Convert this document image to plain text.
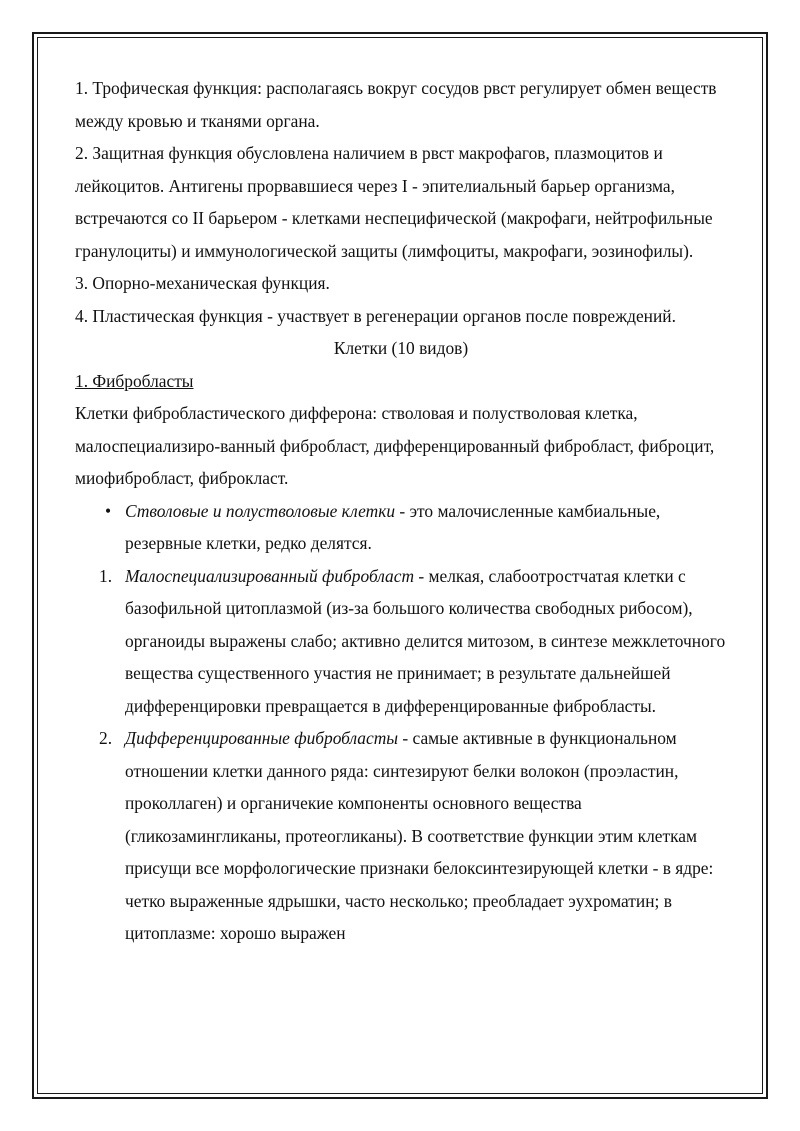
1. Трофическая функция: располагаясь вокруг сосудов рвст регулирует обмен веществ между кровью и тканями органа.

2. Защитная функция обусловлена наличием в рвст макрофагов, плазмоцитов и лейкоцитов. Антигены прорвавшиеся через I - эпителиальный барьер организма, встречаются со II барьером - клетками неспецифической (макрофаги, нейтрофильные гранулоциты) и иммунологической защиты (лимфоциты, макрофаги, эозинофилы).

3. Опорно-механическая функция.

4. Пластическая функция - участвует в регенерации органов после повреждений.

Клетки (10 видов)

1. Фибробласты

Клетки фибробластического дифферона: стволовая и полустволовая клетка, малоспециализиро-ванный фибробласт, дифференцированный фибробласт, фиброцит, миофибробласт, фиброкласт.

• Стволовые и полустволовые клетки - это малочисленные камбиальные, резервные клетки, редко делятся.
1. Малоспециализированный фибробласт - мелкая, слабоотростчатая клетки с базофильной цитоплазмой (из-за большого количества свободных рибосом), органоиды выражены слабо; активно делится митозом, в синтезе межклеточного вещества существенного участия не принимает; в результате дальнейшей дифференцировки превращается в дифференцированные фибробласты.
2. Дифференцированные фибробласты - самые активные в функциональном отношении клетки данного ряда: синтезируют белки волокон (проэластин, проколлаген) и органичекие компоненты основного вещества (гликозамингликаны, протеогликаны). В соответствие функции этим клеткам присущи все морфологические признаки белоксинтезирующей клетки - в ядре: четко выраженные ядрышки, часто несколько; преобладает эухроматин; в цитоплазме: хорошо выражен
